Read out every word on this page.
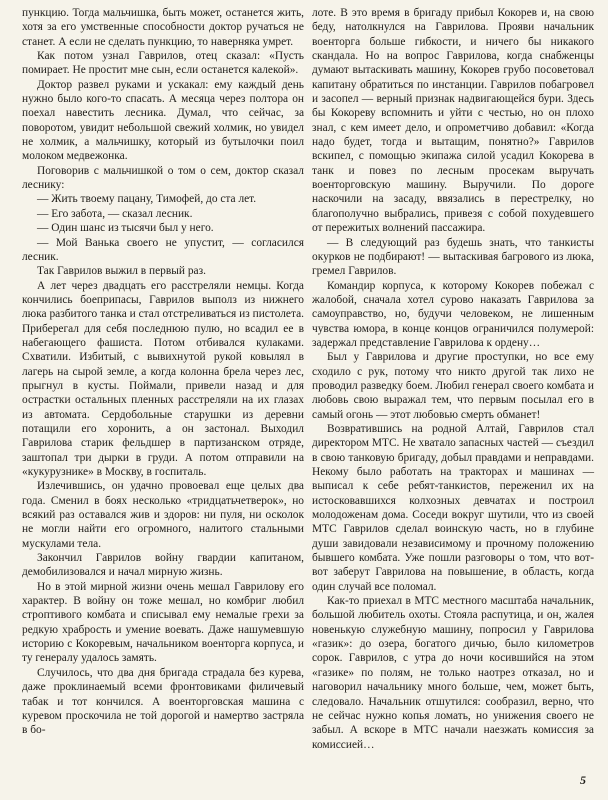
пункцию. Тогда мальчишка, быть может, останется жить, хотя за его умственные способности доктор ручаться не станет. А если не сделать пункцию, то наверняка умрет.

Как потом узнал Гаврилов, отец сказал: «Пусть помирает. Не простит мне сын, если останется калекой».

Доктор развел руками и ускакал: ему каждый день нужно было кого-то спасать. А месяца через полтора он поехал навестить лесника. Думал, что сейчас, за поворотом, увидит небольшой свежий холмик, но увидел не холмик, а мальчишку, который из бутылочки поил молоком медвежонка.

Поговорив с мальчишкой о том о сем, доктор сказал леснику:

— Жить твоему пацану, Тимофей, до ста лет.

— Его забота, — сказал лесник.

— Один шанс из тысячи был у него.

— Мой Ванька своего не упустит, — согласился лесник.

Так Гаврилов выжил в первый раз.

А лет через двадцать его расстреляли немцы. Когда кончились боеприпасы, Гаврилов выполз из нижнего люка разбитого танка и стал отстреливаться из пистолета. Приберегал для себя последнюю пулю, но всадил ее в набегающего фашиста. Потом отбивался кулаками. Схватили. Избитый, с вывихнутой рукой ковылял в лагерь на сырой земле, а когда колонна брела через лес, прыгнул в кусты. Поймали, привели назад и для острастки остальных пленных расстреляли на их глазах из автомата. Сердобольные старушки из деревни потащили его хоронить, а он застонал. Выходил Гаврилова старик фельдшер в партизанском отряде, заштопал три дырки в груди. А потом отправили на «кукурузнике» в Москву, в госпиталь.

Излечившись, он удачно провоевал еще целых два года. Сменил в боях несколько «тридцатьчетверок», но всякий раз оставался жив и здоров: ни пуля, ни осколок не могли найти его огромного, налитого стальными мускулами тела.

Закончил Гаврилов войну гвардии капитаном, демобилизовался и начал мирную жизнь.

Но в этой мирной жизни очень мешал Гаврилову его характер. В войну он тоже мешал, но комбриг любил строптивого комбата и списывал ему немалые грехи за редкую храбрость и умение воевать. Даже нашумевшую историю с Кокоревым, начальником военторга корпуса, и ту генералу удалось замять.

Случилось, что два дня бригада страдала без курева, даже проклинаемый всеми фронтовиками филичевый табак и тот кончился. А военторговская машина с куревом проскочила не той дорогой и намертво застряла в бо-

лоте. В это время в бригаду прибыл Кокорев и, на свою беду, натолкнулся на Гаврилова. Прояви начальник военторга больше гибкости, и ничего бы никакого скандала. Но на вопрос Гаврилова, когда снабженцы думают вытаскивать машину, Кокорев грубо посоветовал капитану обратиться по инстанции. Гаврилов побагровел и засопел — верный признак надвигающейся бури. Здесь бы Кокореву вспомнить и уйти с честью, но он плохо знал, с кем имеет дело, и опрометчиво добавил: «Когда надо будет, тогда и вытащим, понятно?» Гаврилов вскипел, с помощью экипажа силой усадил Кокорева в танк и повез по лесным просекам выручать военторговскую машину. Выручили. По дороге наскочили на засаду, ввязались в перестрелку, но благополучно выбрались, привезя с собой похудевшего от пережитых волнений пассажира.

— В следующий раз будешь знать, что танкисты окурков не подбирают! — вытаскивая багрового из люка, гремел Гаврилов.

Командир корпуса, к которому Кокорев побежал с жалобой, сначала хотел сурово наказать Гаврилова за самоуправство, но, будучи человеком, не лишенным чувства юмора, в конце концов ограничился полумерой: задержал представление Гаврилова к ордену…

Был у Гаврилова и другие проступки, но все ему сходило с рук, потому что никто другой так лихо не проводил разведку боем. Любил генерал своего комбата и любовь свою выражал тем, что первым посылал его в самый огонь — этот любовью смерть обманет!

Возвратившись на родной Алтай, Гаврилов стал директором МТС. Не хватало запасных частей — съездил в свою танковую бригаду, добыл правдами и неправдами. Некому было работать на тракторах и машинах — выписал к себе ребят-танкистов, переженил их на истосковавшихся колхозных девчатах и построил молодоженам дома. Соседи вокруг шутили, что из своей МТС Гаврилов сделал воинскую часть, но в глубине души завидовали независимому и прочному положению бывшего комбата. Уже пошли разговоры о том, что вот-вот заберут Гаврилова на повышение, в область, когда один случай все поломал.

Как-то приехал в МТС местного масштаба начальник, большой любитель охоты. Стояла распутица, и он, жалея новенькую служебную машину, попросил у Гаврилова «газик»: до озера, богатого дичью, было километров сорок. Гаврилов, с утра до ночи косившийся на этом «газике» по полям, не только наотрез отказал, но и наговорил начальнику много больше, чем, может быть, следовало. Начальник отшутился: сообразил, верно, что не сейчас нужно копья ломать, но унижения своего не забыл. А вскоре в МТС начали наезжать комиссия за комиссией…

5
